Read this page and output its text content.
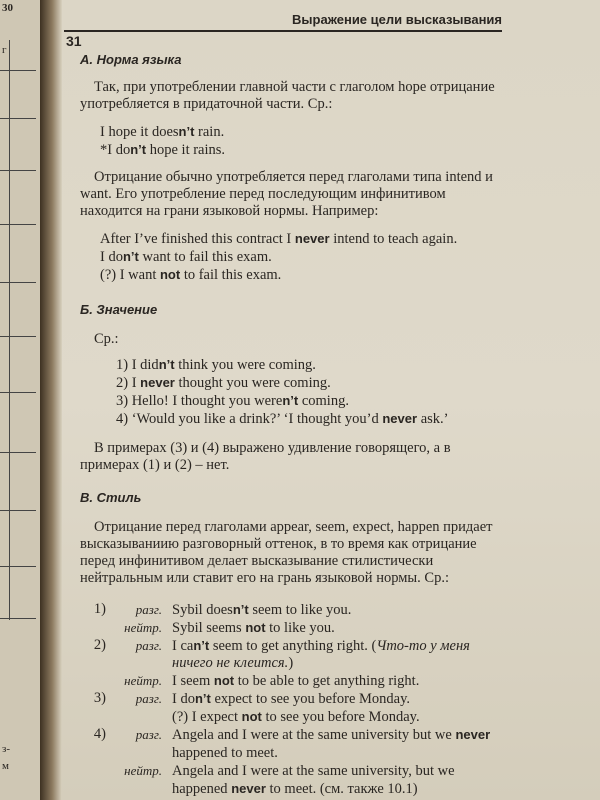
30
г
з-
м
Выражение цели высказывания
31

А. Норма языка

Так, при употреблении главной части с глаголом hope отрицание употребляется в придаточной части. Ср.:

I hope it doesn’t rain.

*I don’t hope it rains.

Отрицание обычно употребляется перед глаголами типа intend и want. Его употребление перед последующим инфинитивом находится на грани языковой нормы. Например:

After I’ve finished this contract I never intend to teach again.

I don’t want to fail this exam.

(?) I want not to fail this exam.

Б. Значение

Ср.:

1) I didn’t think you were coming.

2) I never thought you were coming.

3) Hello! I thought you weren’t coming.

4) ‘Would you like a drink?’ ‘I thought you’d never ask.’

В примерах (3) и (4) выражено удивление говорящего, а в примерах (1) и (2) – нет.

В. Стиль

Отрицание перед глаголами appear, seem, expect, happen придает высказываниию разговорный оттенок, в то время как отрицание перед инфинитивом делает высказывание стилистически нейтральным или ставит его на грань языковой нормы. Ср.:

1)	разг. Sybil doesn’t seem to like you.
нейтр. Sybil seems not to like you.
2)	разг. I can’t seem to get anything right. (Что-то у меня
ничего не клеится.)
нейтр. I seem not to be able to get anything right.
3)	разг. I don’t expect to see you before Monday.
(?) I expect not to see you before Monday.
4)	разг. Angela and I were at the same university but we never
happened to meet.
нейтр. Angela and I were at the same university, but we
happened never to meet. (см. также 10.1)
